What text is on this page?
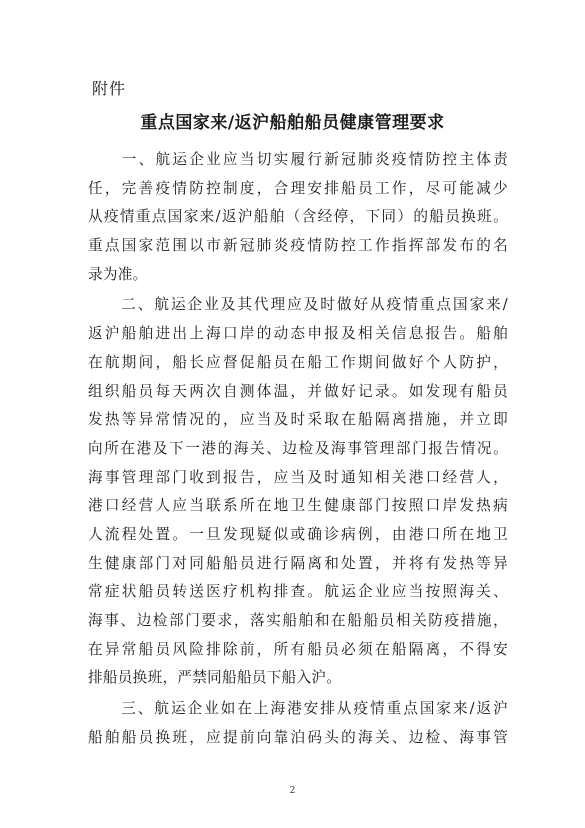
附件
重点国家来/返沪船舶船员健康管理要求
　　一、航运企业应当切实履行新冠肺炎疫情防控主体责
任，完善疫情防控制度，合理安排船员工作，尽可能减少
从疫情重点国家来/返沪船舶（含经停，下同）的船员换班。
重点国家范围以市新冠肺炎疫情防控工作指挥部发布的名
录为准。
　　二、航运企业及其代理应及时做好从疫情重点国家来/
返沪船舶进出上海口岸的动态申报及相关信息报告。船舶
在航期间，船长应督促船员在船工作期间做好个人防护，
组织船员每天两次自测体温，并做好记录。如发现有船员
发热等异常情况的，应当及时采取在船隔离措施，并立即
向所在港及下一港的海关、边检及海事管理部门报告情况。
海事管理部门收到报告，应当及时通知相关港口经营人，
港口经营人应当联系所在地卫生健康部门按照口岸发热病
人流程处置。一旦发现疑似或确诊病例，由港口所在地卫
生健康部门对同船船员进行隔离和处置，并将有发热等异
常症状船员转送医疗机构排查。航运企业应当按照海关、
海事、边检部门要求，落实船舶和在船船员相关防疫措施，
在异常船员风险排除前，所有船员必须在船隔离，不得安
排船员换班，严禁同船船员下船入沪。
　　三、航运企业如在上海港安排从疫情重点国家来/返沪
船舶船员换班，应提前向靠泊码头的海关、边检、海事管
2
